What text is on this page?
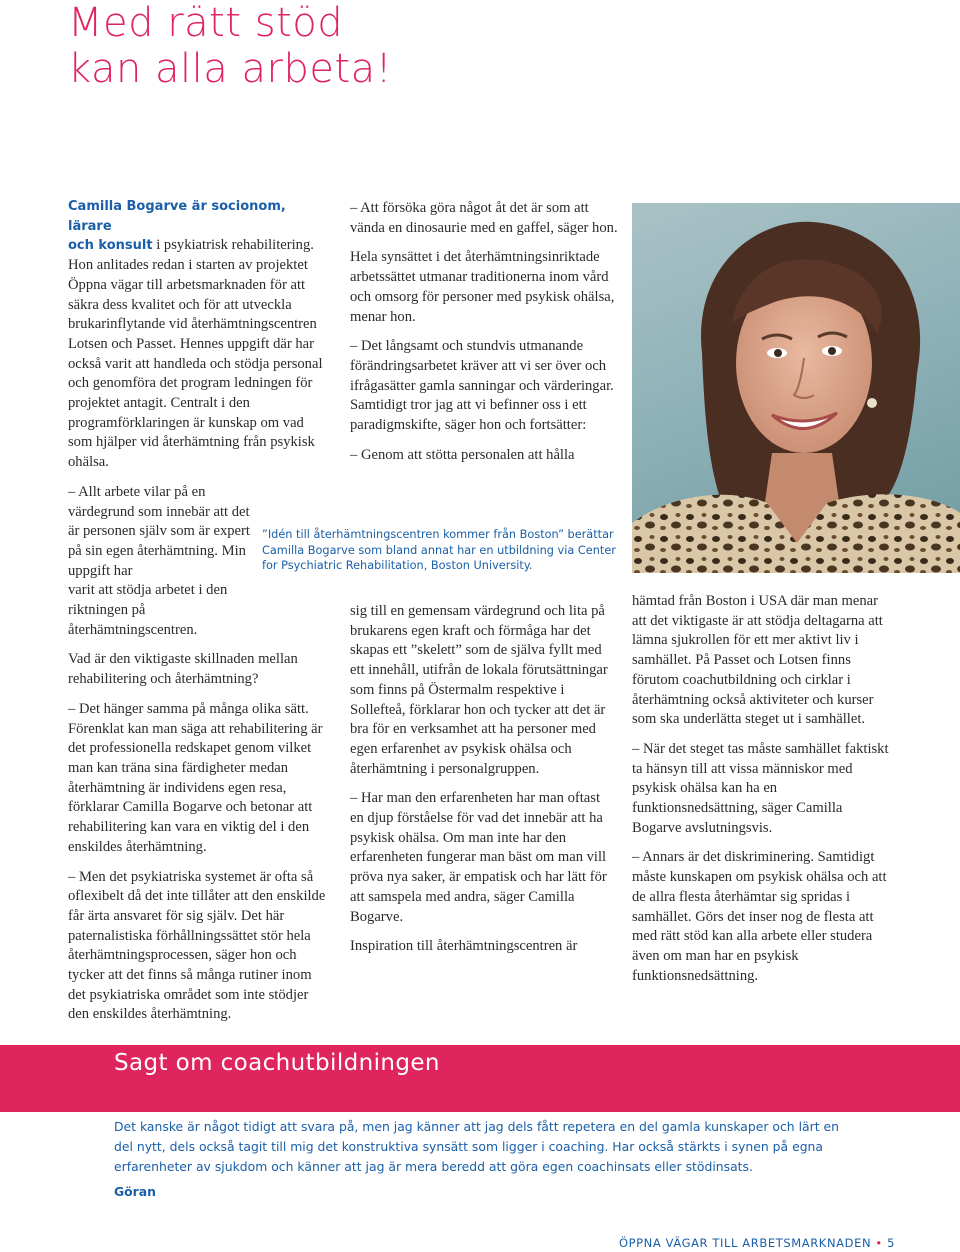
Med rätt stöd
kan alla arbeta!

Camilla Bogarve är socionom, lärare
och konsult i psykiatrisk rehabilitering. Hon anlitades redan i starten av projektet Öppna vägar till arbetsmarknaden för att säkra dess kvalitet och för att utveckla brukarinflytande vid återhämtningscentren Lotsen och Passet. Hennes uppgift där har också varit att handleda och stödja personal och genomföra det program ledningen för projektet antagit. Centralt i den programförklaringen är kunskap om vad som hjälper vid återhämtning från psykisk ohälsa.

– Allt arbete vilar på en värdegrund som innebär att det är personen själv som är expert på sin egen återhämtning. Min uppgift har

varit att stödja arbetet i den riktningen på återhämtningscentren.

Vad är den viktigaste skillnaden mellan rehabilitering och återhämtning?

– Det hänger samma på många olika sätt. Förenklat kan man säga att rehabilitering är det professionella redskapet genom vilket man kan träna sina färdigheter medan återhämtning är individens egen resa, förklarar Camilla Bogarve och betonar att rehabilitering kan vara en viktig del i den enskildes återhämtning.

– Men det psykiatriska systemet är ofta så oflexibelt då det inte tillåter att den enskilde får ärta ansvaret för sig själv. Det här paternalistiska förhållningssättet stör hela återhämtningsprocessen, säger hon och tycker att det finns så många rutiner inom det psykiatriska området som inte stödjer den enskildes återhämtning.

– Att försöka göra något åt det är som att vända en dinosaurie med en gaffel, säger hon.

Hela synsättet i det återhämtningsinriktade arbetssättet utmanar traditionerna inom vård och omsorg för personer med psykisk ohälsa, menar hon.

– Det långsamt och stundvis utmanande förändringsarbetet kräver att vi ser över och ifrågasätter gamla sanningar och värderingar. Samtidigt tror jag att vi befinner oss i ett paradigmskifte, säger hon och fortsätter:

– Genom att stötta personalen att hålla

”Idén till återhämtningscentren kommer från Boston” berättar Camilla Bogarve som bland annat har en utbildning via Center for Psychiatric Rehabilitation, Boston University.

sig till en gemensam värdegrund och lita på brukarens egen kraft och förmåga har det skapas ett ”skelett” som de själva fyllt med ett innehåll, utifrån de lokala förutsättningar som finns på Östermalm respektive i Sollefteå, förklarar hon och tycker att det är bra för en verksamhet att ha personer med egen erfarenhet av psykisk ohälsa och återhämtning i personalgruppen.

– Har man den erfarenheten har man oftast en djup förståelse för vad det innebär att ha psykisk ohälsa. Om man inte har den erfarenheten fungerar man bäst om man vill pröva nya saker, är empatisk och har lätt för att samspela med andra, säger Camilla Bogarve.

Inspiration till återhämtningscentren är

hämtad från Boston i USA där man menar att det viktigaste är att stödja deltagarna att lämna sjukrollen för ett mer aktivt liv i samhället. På Passet och Lotsen finns förutom coachutbildning och cirklar i återhämtning också aktiviteter och kurser som ska underlätta steget ut i samhället.

– När det steget tas måste samhället faktiskt ta hänsyn till att vissa människor med psykisk ohälsa kan ha en funktionsnedsättning, säger Camilla Bogarve avslutningsvis.

– Annars är det diskriminering. Samtidigt måste kunskapen om psykisk ohälsa och att de allra flesta återhämtar sig spridas i samhället. Görs det inser nog de flesta att med rätt stöd kan alla arbete eller studera även om man har en psykisk funktionsnedsättning.

Sagt om coachutbildningen
Det kanske är något tidigt att svara på, men jag känner att jag dels fått repetera en del gamla kunskaper och lärt en del nytt, dels också tagit till mig det konstruktiva synsätt som ligger i coaching. Har också stärkts i synen på egna erfarenheter av sjukdom och känner att jag är mera beredd att göra egen coachinsats eller stödinsats.
Göran
ÖPPNA VÄGAR TILL ARBETSMARKNADEN • 5
